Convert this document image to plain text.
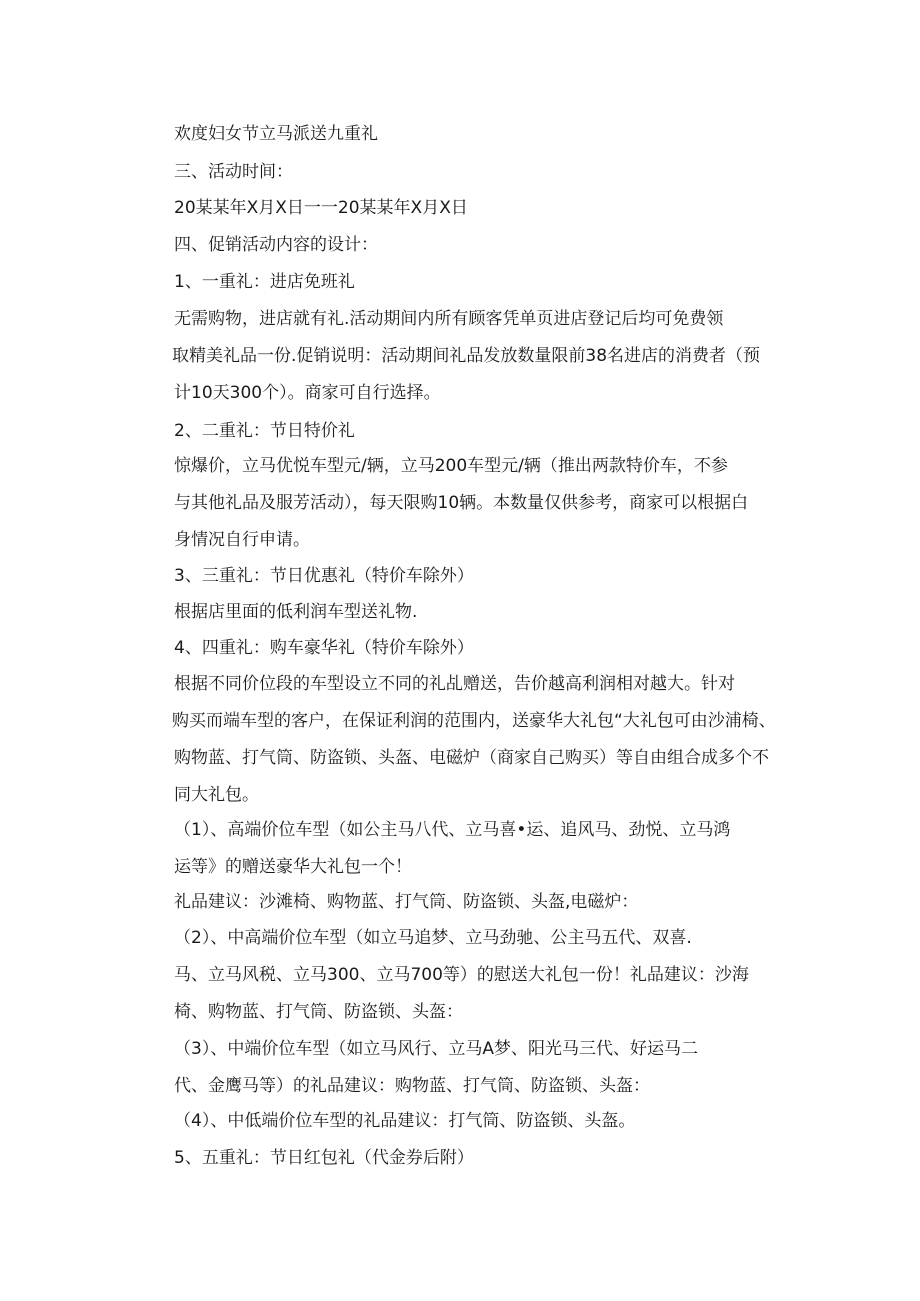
欢度妇女节立马派送九重礼

三、活动时间：

20某某年X月X日一一20某某年X月X日

四、促销活动内容的设计：

1、一重礼：进店免班礼

无需购物，进店就有礼.活动期间内所有顾客凭单页进店登记后均可免费领
取精美礼品一份.促销说明：活动期间礼品发放数量限前38名进店的消费者（预
计10天300个）。商家可自行选择。

2、二重礼：节日特价礼

惊爆价，立马优悦车型元/辆，立马200车型元/辆（推出两款特价车，不参
与其他礼品及服芳活动），每天限购10辆。本数量仅供参考，商家可以根据白
身情况自行申请。

3、三重礼：节日优惠礼（特价车除外）

根据店里面的低利润车型送礼物.

4、四重礼：购车豪华礼（特价车除外）

根据不同价位段的车型设立不同的礼乩赠送，告价越高利润相对越大。针对
购买而端车型的客户，在保证利润的范围内，送豪华大礼包“大礼包可由沙浦椅、
购物蓝、打气筒、防盗锁、头盔、电磁炉（商家自己购买）等自由组合成多个不
同大礼包。

（1）、高端价位车型（如公主马八代、立马喜•运、追风马、劲悦、立马鸿
运等》的赠送豪华大礼包一个！

礼品建议：沙滩椅、购物蓝、打气筒、防盗锁、头盔,电磁炉：

（2）、中高端价位车型（如立马追梦、立马劲驰、公主马五代、双喜.
马、立马风税、立马300、立马700等）的慰送大礼包一份！礼品建议：沙海
椅、购物蓝、打气筒、防盗锁、头盔：

（3）、中端价位车型（如立马风行、立马A梦、阳光马三代、好运马二
代、金鹰马等）的礼品建议：购物蓝、打气筒、防盗锁、头盔：

（4）、中低端价位车型的礼品建议：打气筒、防盗锁、头盔。

5、五重礼：节日红包礼（代金券后附）
